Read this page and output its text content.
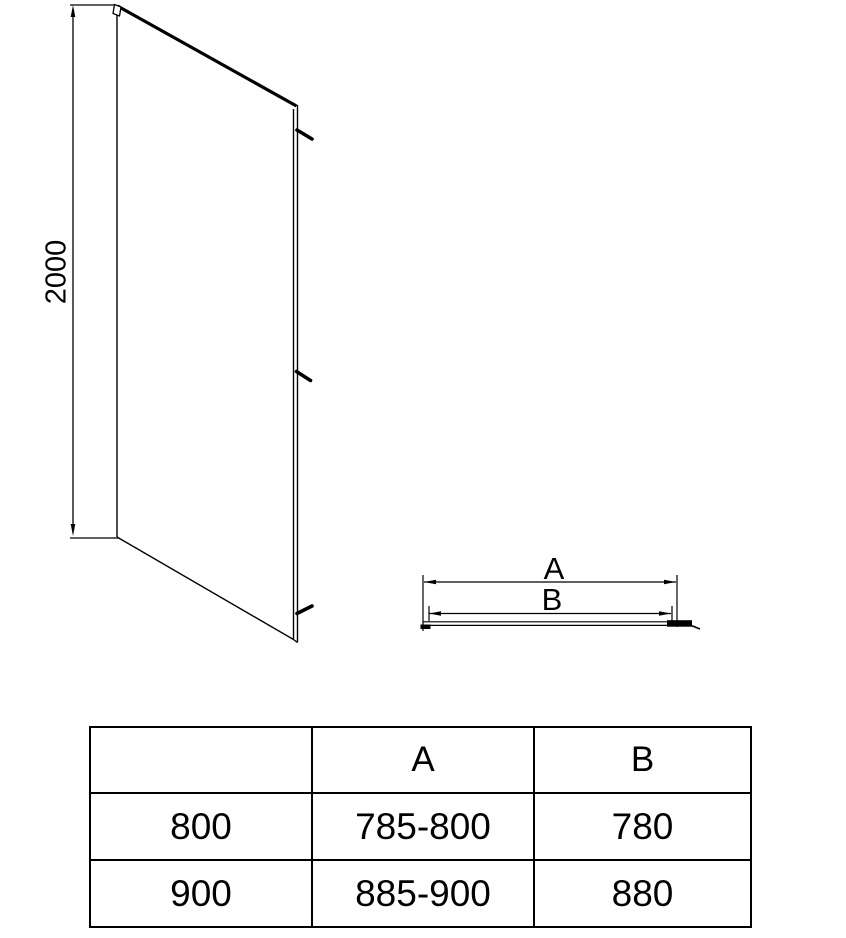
2000
A
B
	A	B
800	785-800	780
900	885-900	880
